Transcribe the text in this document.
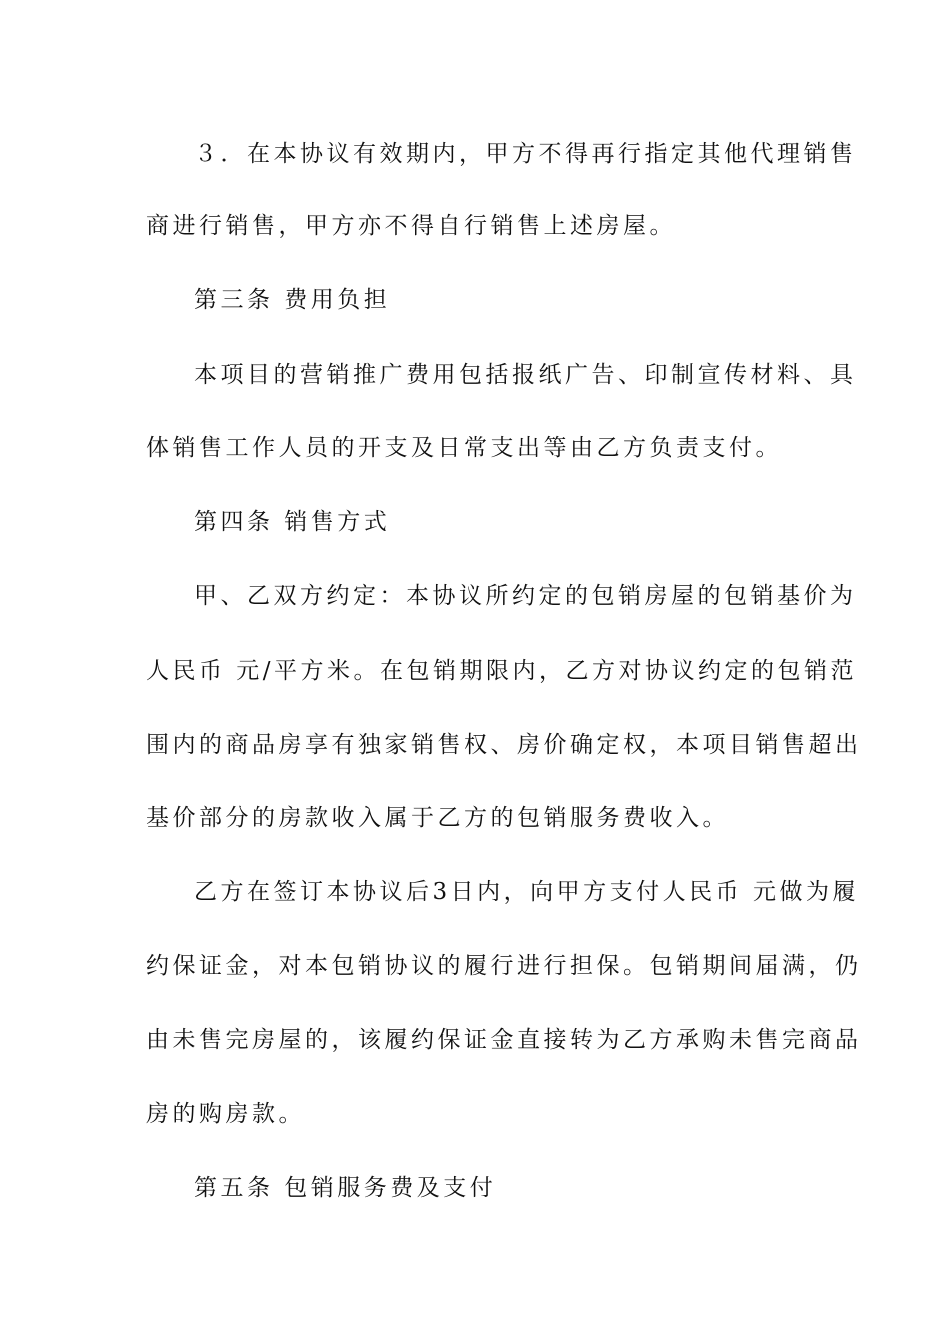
３．在本协议有效期内，甲方不得再行指定其他代理销售
商进行销售，甲方亦不得自行销售上述房屋。
第三条 费用负担
本项目的营销推广费用包括报纸广告、印制宣传材料、具
体销售工作人员的开支及日常支出等由乙方负责支付。
第四条 销售方式
甲、乙双方约定：本协议所约定的包销房屋的包销基价为
人民币 元/平方米。在包销期限内，乙方对协议约定的包销范
围内的商品房享有独家销售权、房价确定权，本项目销售超出
基价部分的房款收入属于乙方的包销服务费收入。
乙方在签订本协议后3日内，向甲方支付人民币 元做为履
约保证金，对本包销协议的履行进行担保。包销期间届满，仍
由未售完房屋的，该履约保证金直接转为乙方承购未售完商品
房的购房款。
第五条 包销服务费及支付
